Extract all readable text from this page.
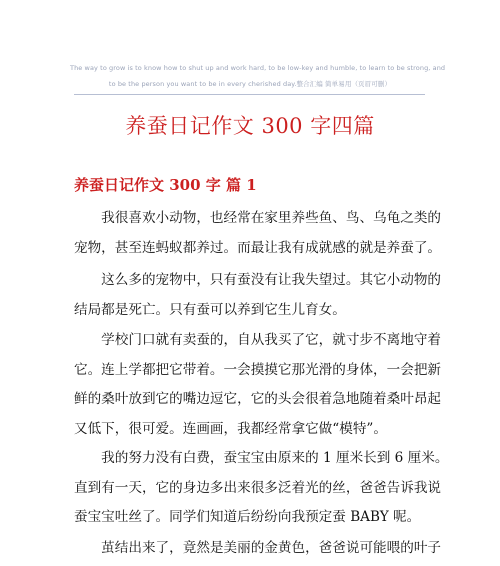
The way to grow is to know how to shut up and work hard, to be low-key and humble, to learn to be strong, and
to be the person you want to be in every cherished day.整合汇编 简单易用（页眉可删）
养蚕日记作文 300 字四篇
养蚕日记作文 300 字 篇 1
　　我很喜欢小动物，也经常在家里养些鱼、鸟、乌龟之类的
宠物，甚至连蚂蚁都养过。而最让我有成就感的就是养蚕了。
　　这么多的宠物中，只有蚕没有让我失望过。其它小动物的
结局都是死亡。只有蚕可以养到它生儿育女。
　　学校门口就有卖蚕的，自从我买了它，就寸步不离地守着
它。连上学都把它带着。一会摸摸它那光滑的身体，一会把新
鲜的桑叶放到它的嘴边逗它，它的头会很着急地随着桑叶昂起
又低下，很可爱。连画画，我都经常拿它做“模特”。
　　我的努力没有白费，蚕宝宝由原来的 1 厘米长到 6 厘米。
直到有一天，它的身边多出来很多泛着光的丝，爸爸告诉我说
蚕宝宝吐丝了。同学们知道后纷纷向我预定蚕 BABY 呢。
　　茧结出来了，竟然是美丽的金黄色，爸爸说可能喂的叶子
